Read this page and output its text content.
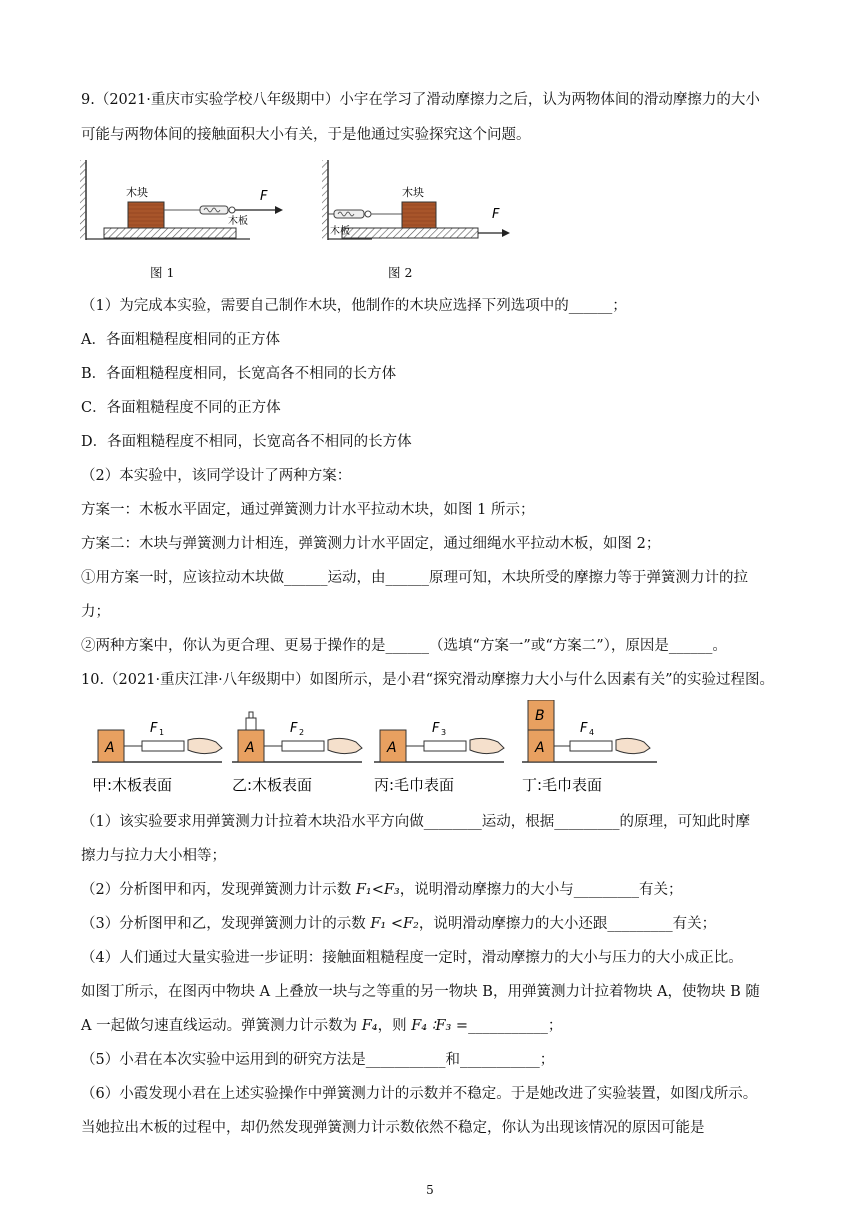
9.（2021·重庆市实验学校八年级期中）小宇在学习了滑动摩擦力之后，认为两物体间的滑动摩擦力的大小
可能与两物体间的接触面积大小有关，于是他通过实验探究这个问题。
木块
木板
F
图 1
木块
木板
F
图 2
（1）为完成本实验，需要自己制作木块，他制作的木块应选择下列选项中的______；
A．各面粗糙程度相同的正方体
B．各面粗糙程度相同，长宽高各不相同的长方体
C．各面粗糙程度不同的正方体
D．各面粗糙程度不相同，长宽高各不相同的长方体
（2）本实验中，该同学设计了两种方案：
方案一：木板水平固定，通过弹簧测力计水平拉动木块，如图 1 所示；
方案二：木块与弹簧测力计相连，弹簧测力计水平固定，通过细绳水平拉动木板，如图 2；
①用方案一时，应该拉动木块做______运动，由______原理可知，木块所受的摩擦力等于弹簧测力计的拉
力；
②两种方案中，你认为更合理、更易于操作的是______（选填“方案一”或“方案二”），原因是______。
10.（2021·重庆江津·八年级期中）如图所示，是小君“探究滑动摩擦力大小与什么因素有关”的实验过程图。
A
F 1
A
F 2
A
F 3
A
B
F 4
甲:木板表面	乙:木板表面	丙:毛巾表面	丁:毛巾表面
（1）该实验要求用弹簧测力计拉着木块沿水平方向做________运动，根据_________的原理，可知此时摩
擦力与拉力大小相等；
（2）分析图甲和丙，发现弹簧测力计示数 F₁<F₃，说明滑动摩擦力的大小与_________有关；
（3）分析图甲和乙，发现弹簧测力计的示数 F₁ <F₂，说明滑动摩擦力的大小还跟_________有关；
（4）人们通过大量实验进一步证明：接触面粗糙程度一定时，滑动摩擦力的大小与压力的大小成正比。
如图丁所示，在图丙中物块 A 上叠放一块与之等重的另一物块 B，用弹簧测力计拉着物块 A，使物块 B 随
A 一起做匀速直线运动。弹簧测力计示数为 F₄，则 F₄ ∶F₃ =___________；
（5）小君在本次实验中运用到的研究方法是___________和___________；
（6）小霞发现小君在上述实验操作中弹簧测力计的示数并不稳定。于是她改进了实验装置，如图戊所示。
当她拉出木板的过程中，却仍然发现弹簧测力计示数依然不稳定，你认为出现该情况的原因可能是
5
